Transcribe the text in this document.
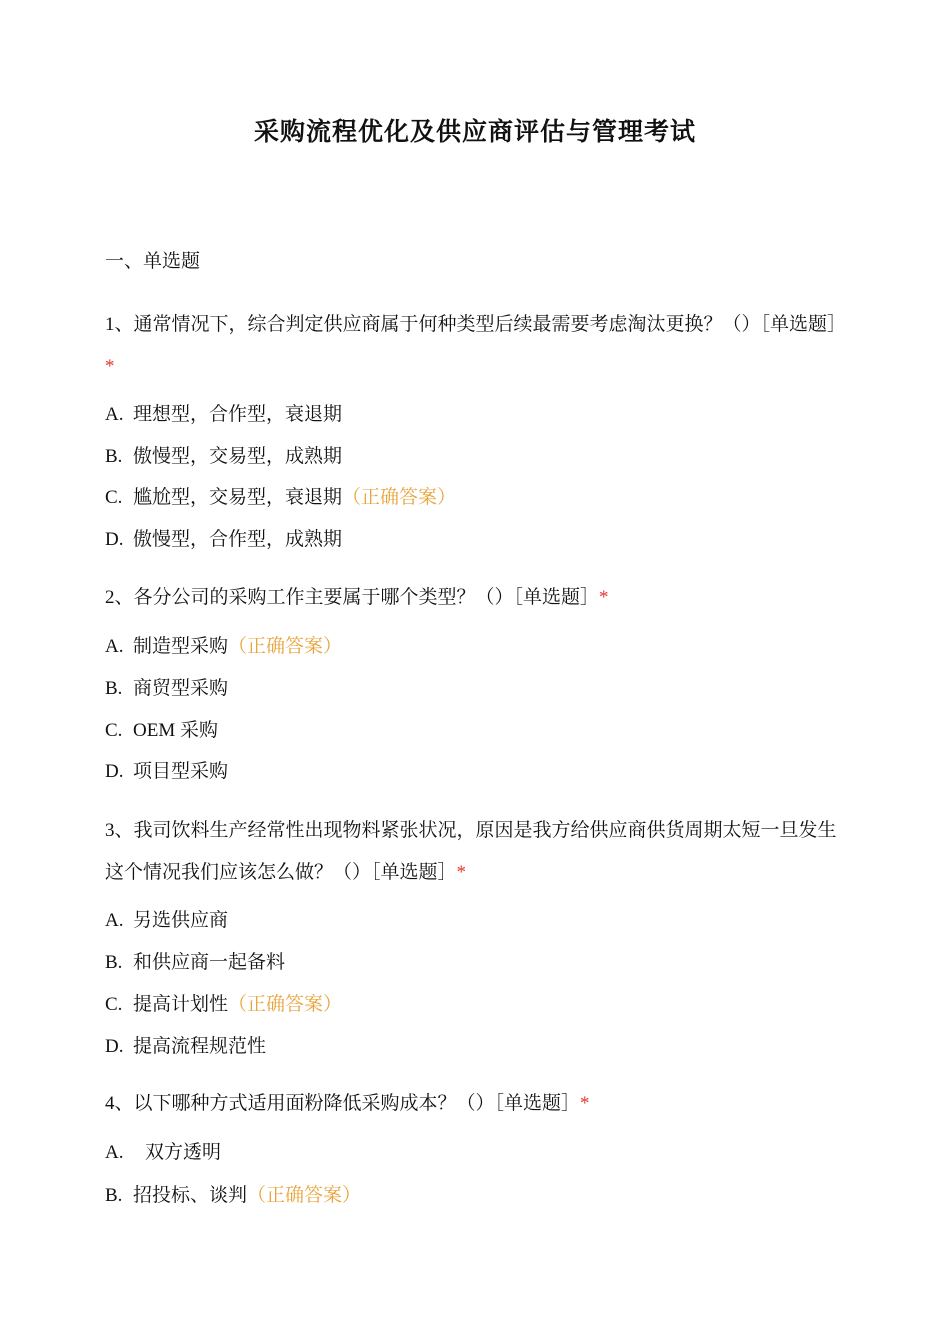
采购流程优化及供应商评估与管理考试
一、单选题
1、通常情况下，综合判定供应商属于何种类型后续最需要考虑淘汰更换？（）［单选题］*
A. 理想型，合作型，衰退期
B. 傲慢型，交易型，成熟期
C. 尴尬型，交易型，衰退期（正确答案）
D. 傲慢型，合作型，成熟期
2、各分公司的采购工作主要属于哪个类型？（）［单选题］*
A. 制造型采购（正确答案）
B. 商贸型采购
C. OEM 采购
D. 项目型采购
3、我司饮料生产经常性出现物料紧张状况，原因是我方给供应商供货周期太短一旦发生这个情况我们应该怎么做？（）［单选题］*
A. 另选供应商
B. 和供应商一起备料
C. 提高计划性（正确答案）
D. 提高流程规范性
4、以下哪种方式适用面粉降低采购成本？（）［单选题］*
A. 双方透明
B. 招投标、谈判（正确答案）
